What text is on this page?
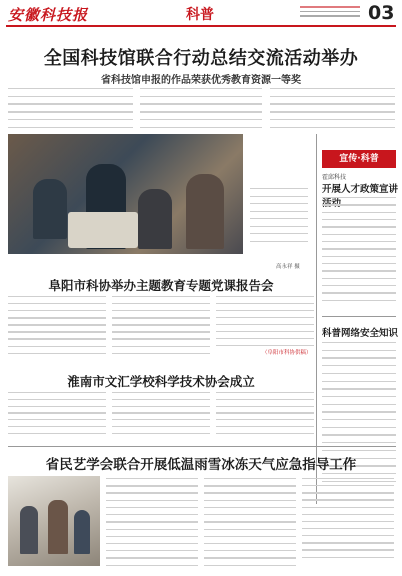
安徽科技报	科普	03
全国科技馆联合行动总结交流活动举办
省科技馆申报的作品荣获优秀教育资源一等奖
高永祥 摄
宣传·科普
霍邱科技
开展人才政策宣讲
科普网络安全知识
阜阳市科协举办主题教育专题党课报告会
（阜阳市科协供稿）
淮南市文汇学校科学技术协会成立
省民艺学会联合开展低温雨雪冰冻天气应急指导工作
